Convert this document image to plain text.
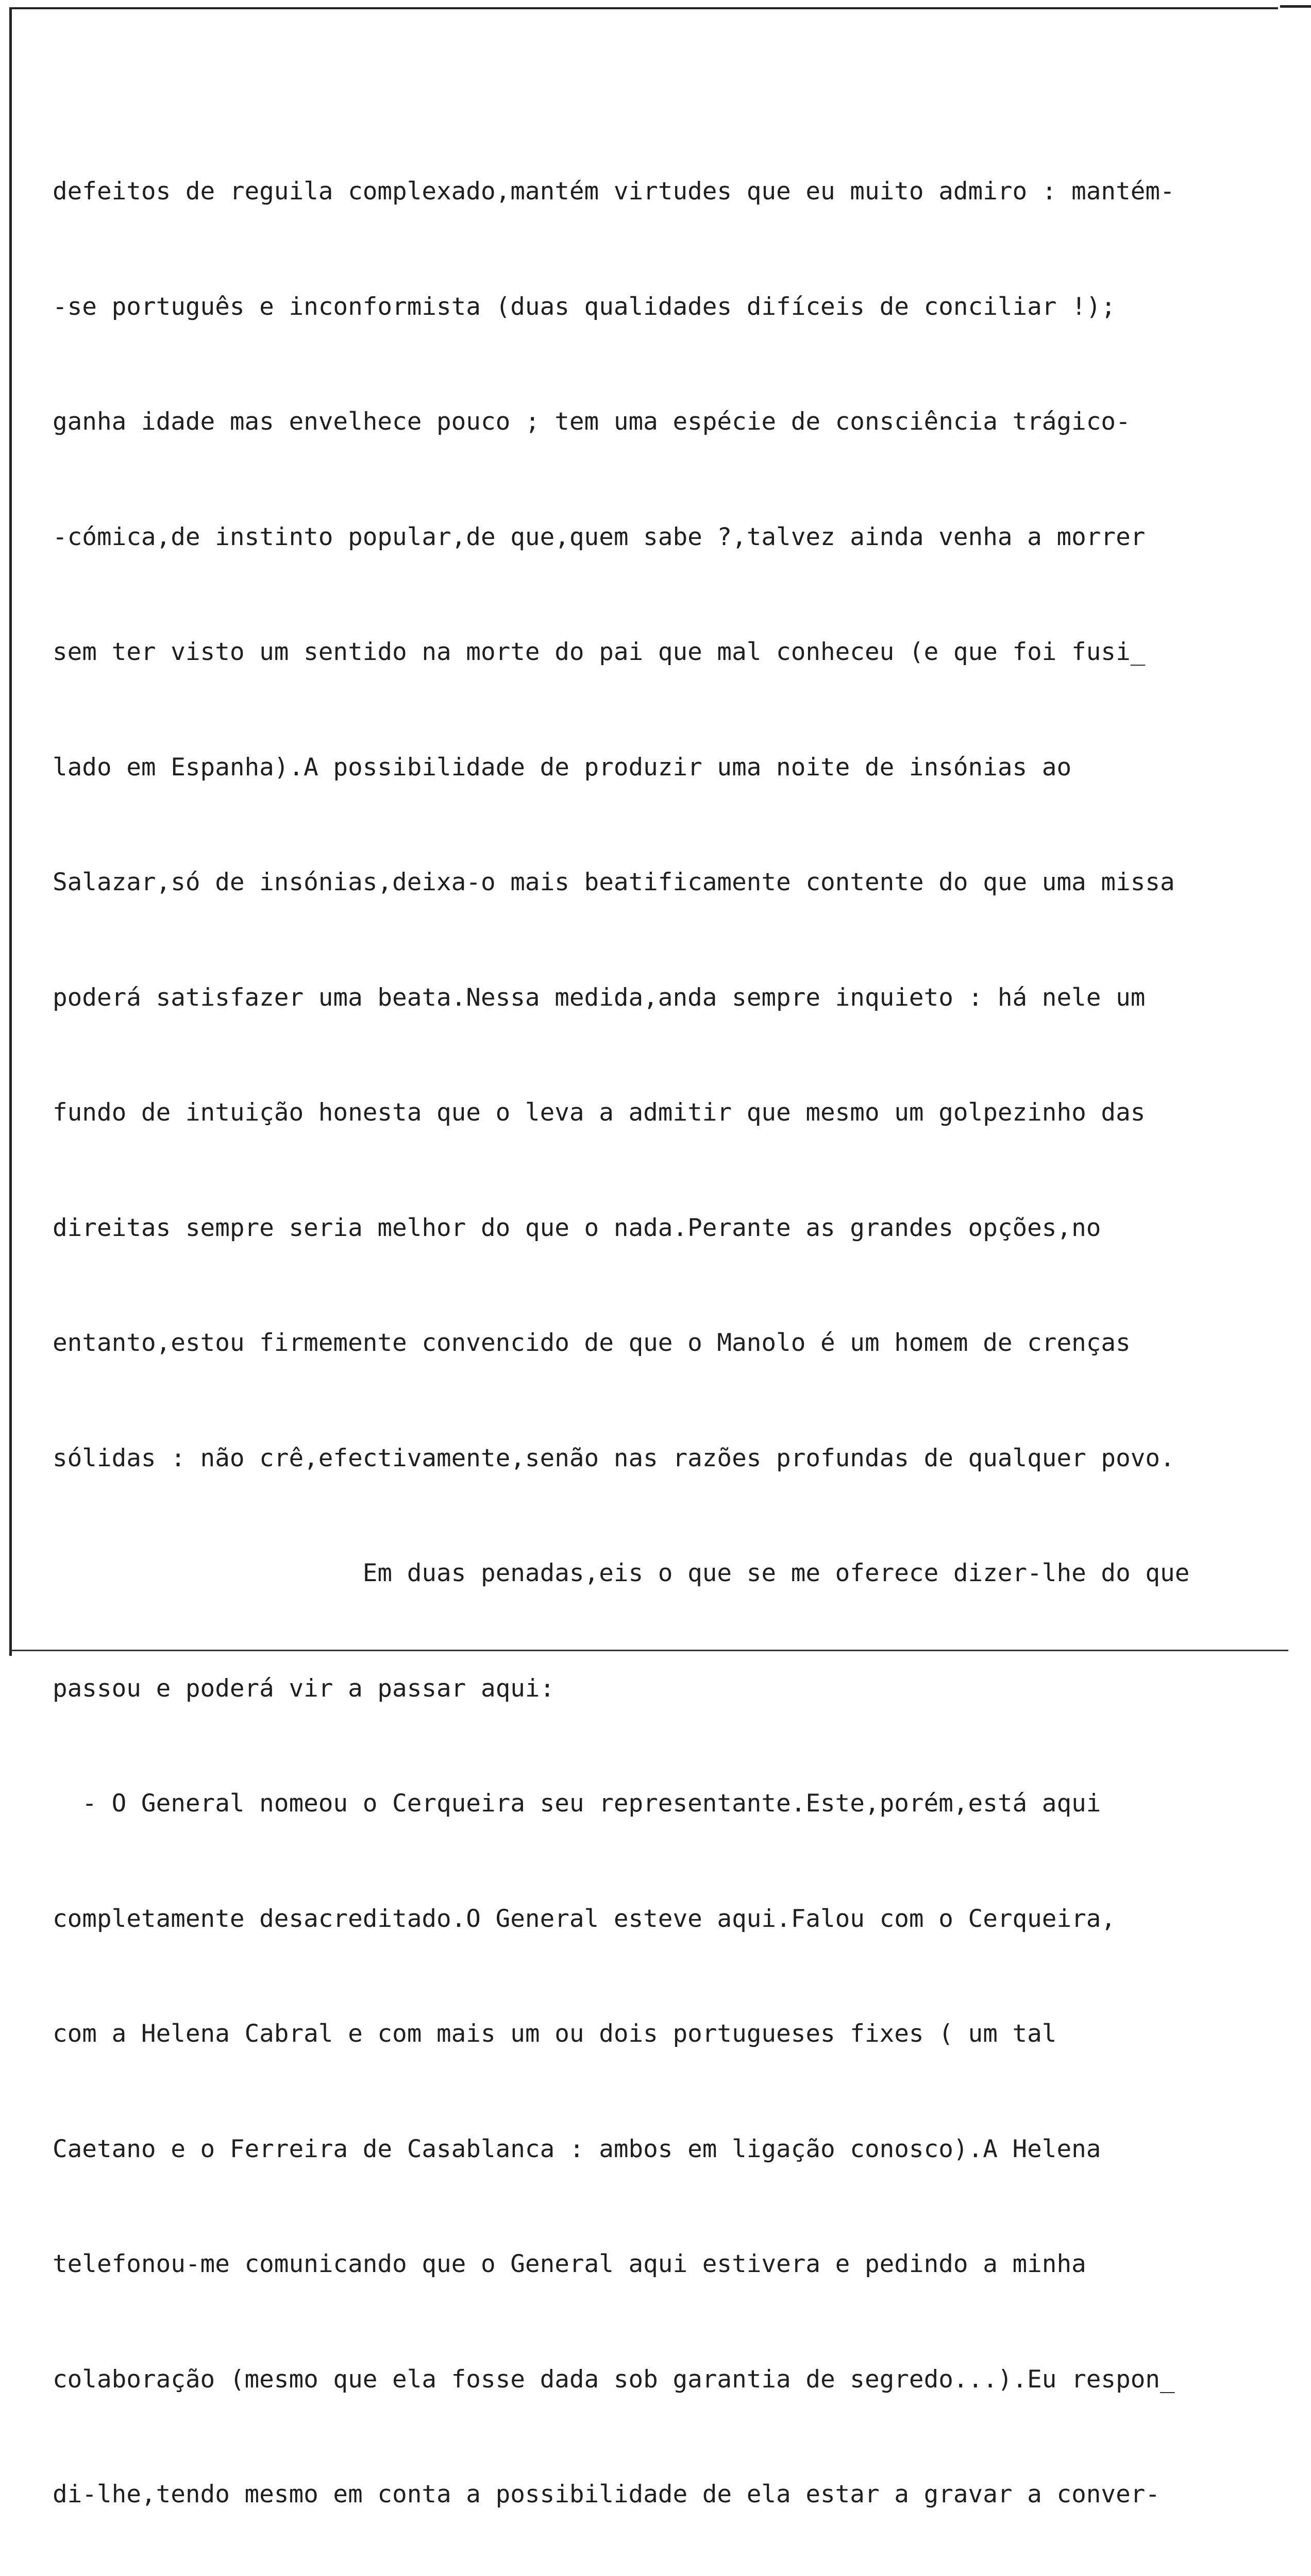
defeitos de reguila complexado,mantém virtudes que eu muito admiro : mantém-

-se português e inconformista (duas qualidades difíceis de conciliar !);

ganha idade mas envelhece pouco ; tem uma espécie de consciência trágico-

-cómica,de instinto popular,de que,quem sabe ?,talvez ainda venha a morrer

sem ter visto um sentido na morte do pai que mal conheceu (e que foi fusi_

lado em Espanha).A possibilidade de produzir uma noite de insónias ao

Salazar,só de insónias,deixa-o mais beatificamente contente do que uma missa

poderá satisfazer uma beata.Nessa medida,anda sempre inquieto : há nele um

fundo de intuição honesta que o leva a admitir que mesmo um golpezinho das

direitas sempre seria melhor do que o nada.Perante as grandes opções,no

entanto,estou firmemente convencido de que o Manolo é um homem de crenças

sólidas : não crê,efectivamente,senão nas razões profundas de qualquer povo.

Em duas penadas,eis o que se me oferece dizer-lhe do que

passou e poderá vir a passar aqui:

- O General nomeou o Cerqueira seu representante.Este,porém,está aqui

completamente desacreditado.O General esteve aqui.Falou com o Cerqueira,

com a Helena Cabral e com mais um ou dois portugueses fixes ( um tal

Caetano e o Ferreira de Casablanca : ambos em ligação conosco).A Helena

telefonou-me comunicando que o General aqui estivera e pedindo a minha

colaboração (mesmo que ela fosse dada sob garantia de segredo...).Eu respon_

di-lhe,tendo mesmo em conta a possibilidade de ela estar a gravar a conver-
